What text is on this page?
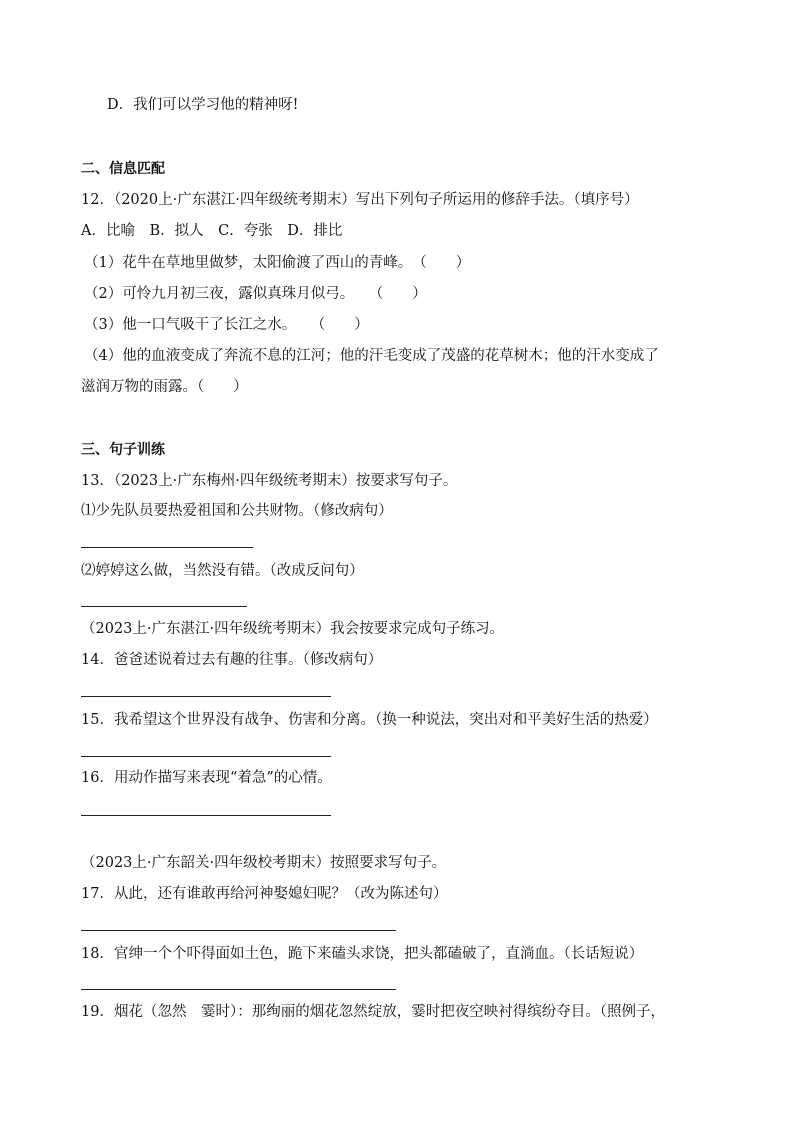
D．我们可以学习他的精神呀!
二、信息匹配
12．（2020上·广东湛江·四年级统考期末）写出下列句子所运用的修辞手法。（填序号）
A．比喻　B．拟人　C．夸张　D．排比
（1）花牛在草地里做梦，太阳偷渡了西山的青峰。　（　　）
（2）可怜九月初三夜，露似真珠月似弓。　　（　　）
（3）他一口气吸干了长江之水。　　（　　）
（4）他的血液变成了奔流不息的江河；他的汗毛变成了茂盛的花草树木；他的汗水变成了
滋润万物的雨露。（　　）
三、句子训练
13．（2023上·广东梅州·四年级统考期末）按要求写句子。
⑴少先队员要热爱祖国和公共财物。（修改病句）
⑵婷婷这么做，当然没有错。（改成反问句）
（2023上·广东湛江·四年级统考期末）我会按要求完成句子练习。
14．爸爸述说着过去有趣的往事。（修改病句）
15．我希望这个世界没有战争、伤害和分离。（换一种说法，突出对和平美好生活的热爱）
16．用动作描写来表现“着急”的心情。
（2023上·广东韶关·四年级校考期末）按照要求写句子。
17．从此，还有谁敢再给河神娶媳妇呢？（改为陈述句）
18．官绅一个个吓得面如土色，跪下来磕头求饶，把头都磕破了，直淌血。（长话短说）
19．烟花（忽然　霎时）：那绚丽的烟花忽然绽放，霎时把夜空映衬得缤纷夺目。（照例子，
